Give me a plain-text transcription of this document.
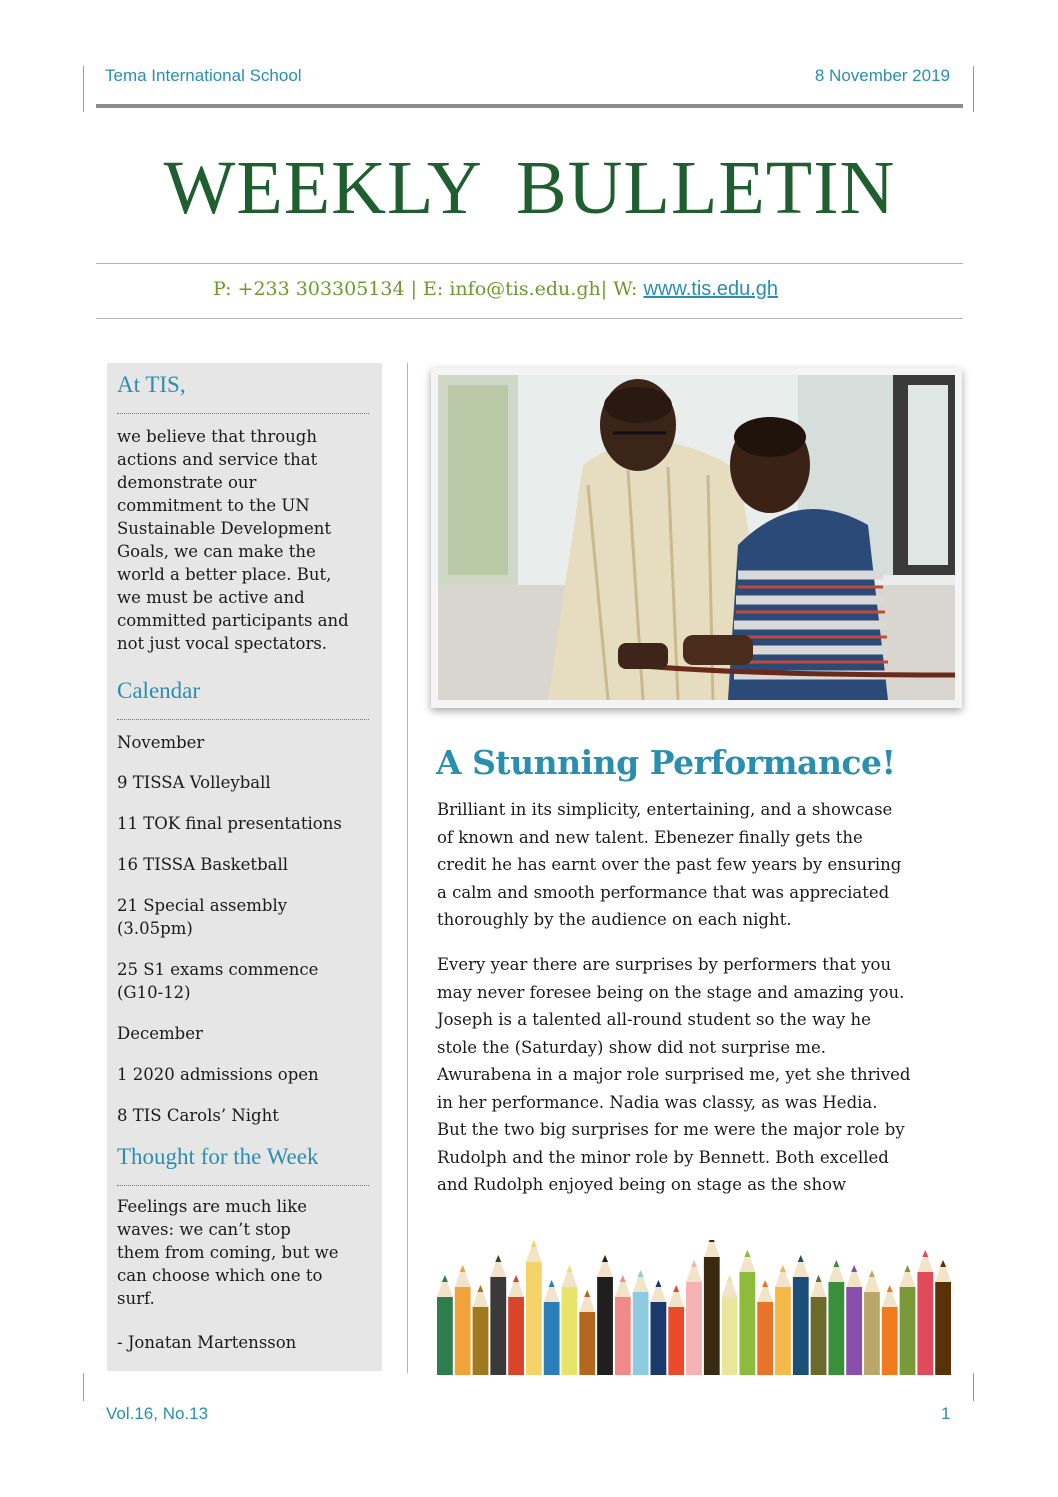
Tema International School	8 November 2019
WEEKLY BULLETIN
P: +233 303305134 | E: info@tis.edu.gh| W: www.tis.edu.gh
At TIS,
we believe that through
actions and service that
demonstrate our
commitment to the UN
Sustainable Development
Goals, we can make the
world a better place. But,
we must be active and
committed participants and
not just vocal spectators.
Calendar
November
9 TISSA Volleyball
11 TOK final presentations
16 TISSA Basketball
21 Special assembly
(3.05pm)
25 S1 exams commence
(G10-12)
December
1 2020 admissions open
8 TIS Carols’ Night
Thought for the Week
Feelings are much like
waves: we can’t stop
them from coming, but we
can choose which one to
surf.
- Jonatan Martensson
A Stunning Performance!
Brilliant in its simplicity, entertaining, and a showcase
of known and new talent. Ebenezer finally gets the
credit he has earnt over the past few years by ensuring
a calm and smooth performance that was appreciated
thoroughly by the audience on each night.
Every year there are surprises by performers that you
may never foresee being on the stage and amazing you.
Joseph is a talented all-round student so the way he
stole the (Saturday) show did not surprise me.
Awurabena in a major role surprised me, yet she thrived
in her performance. Nadia was classy, as was Hedia.
But the two big surprises for me were the major role by
Rudolph and the minor role by Bennett. Both excelled
and Rudolph enjoyed being on stage as the show
Vol.16, No.13	1
